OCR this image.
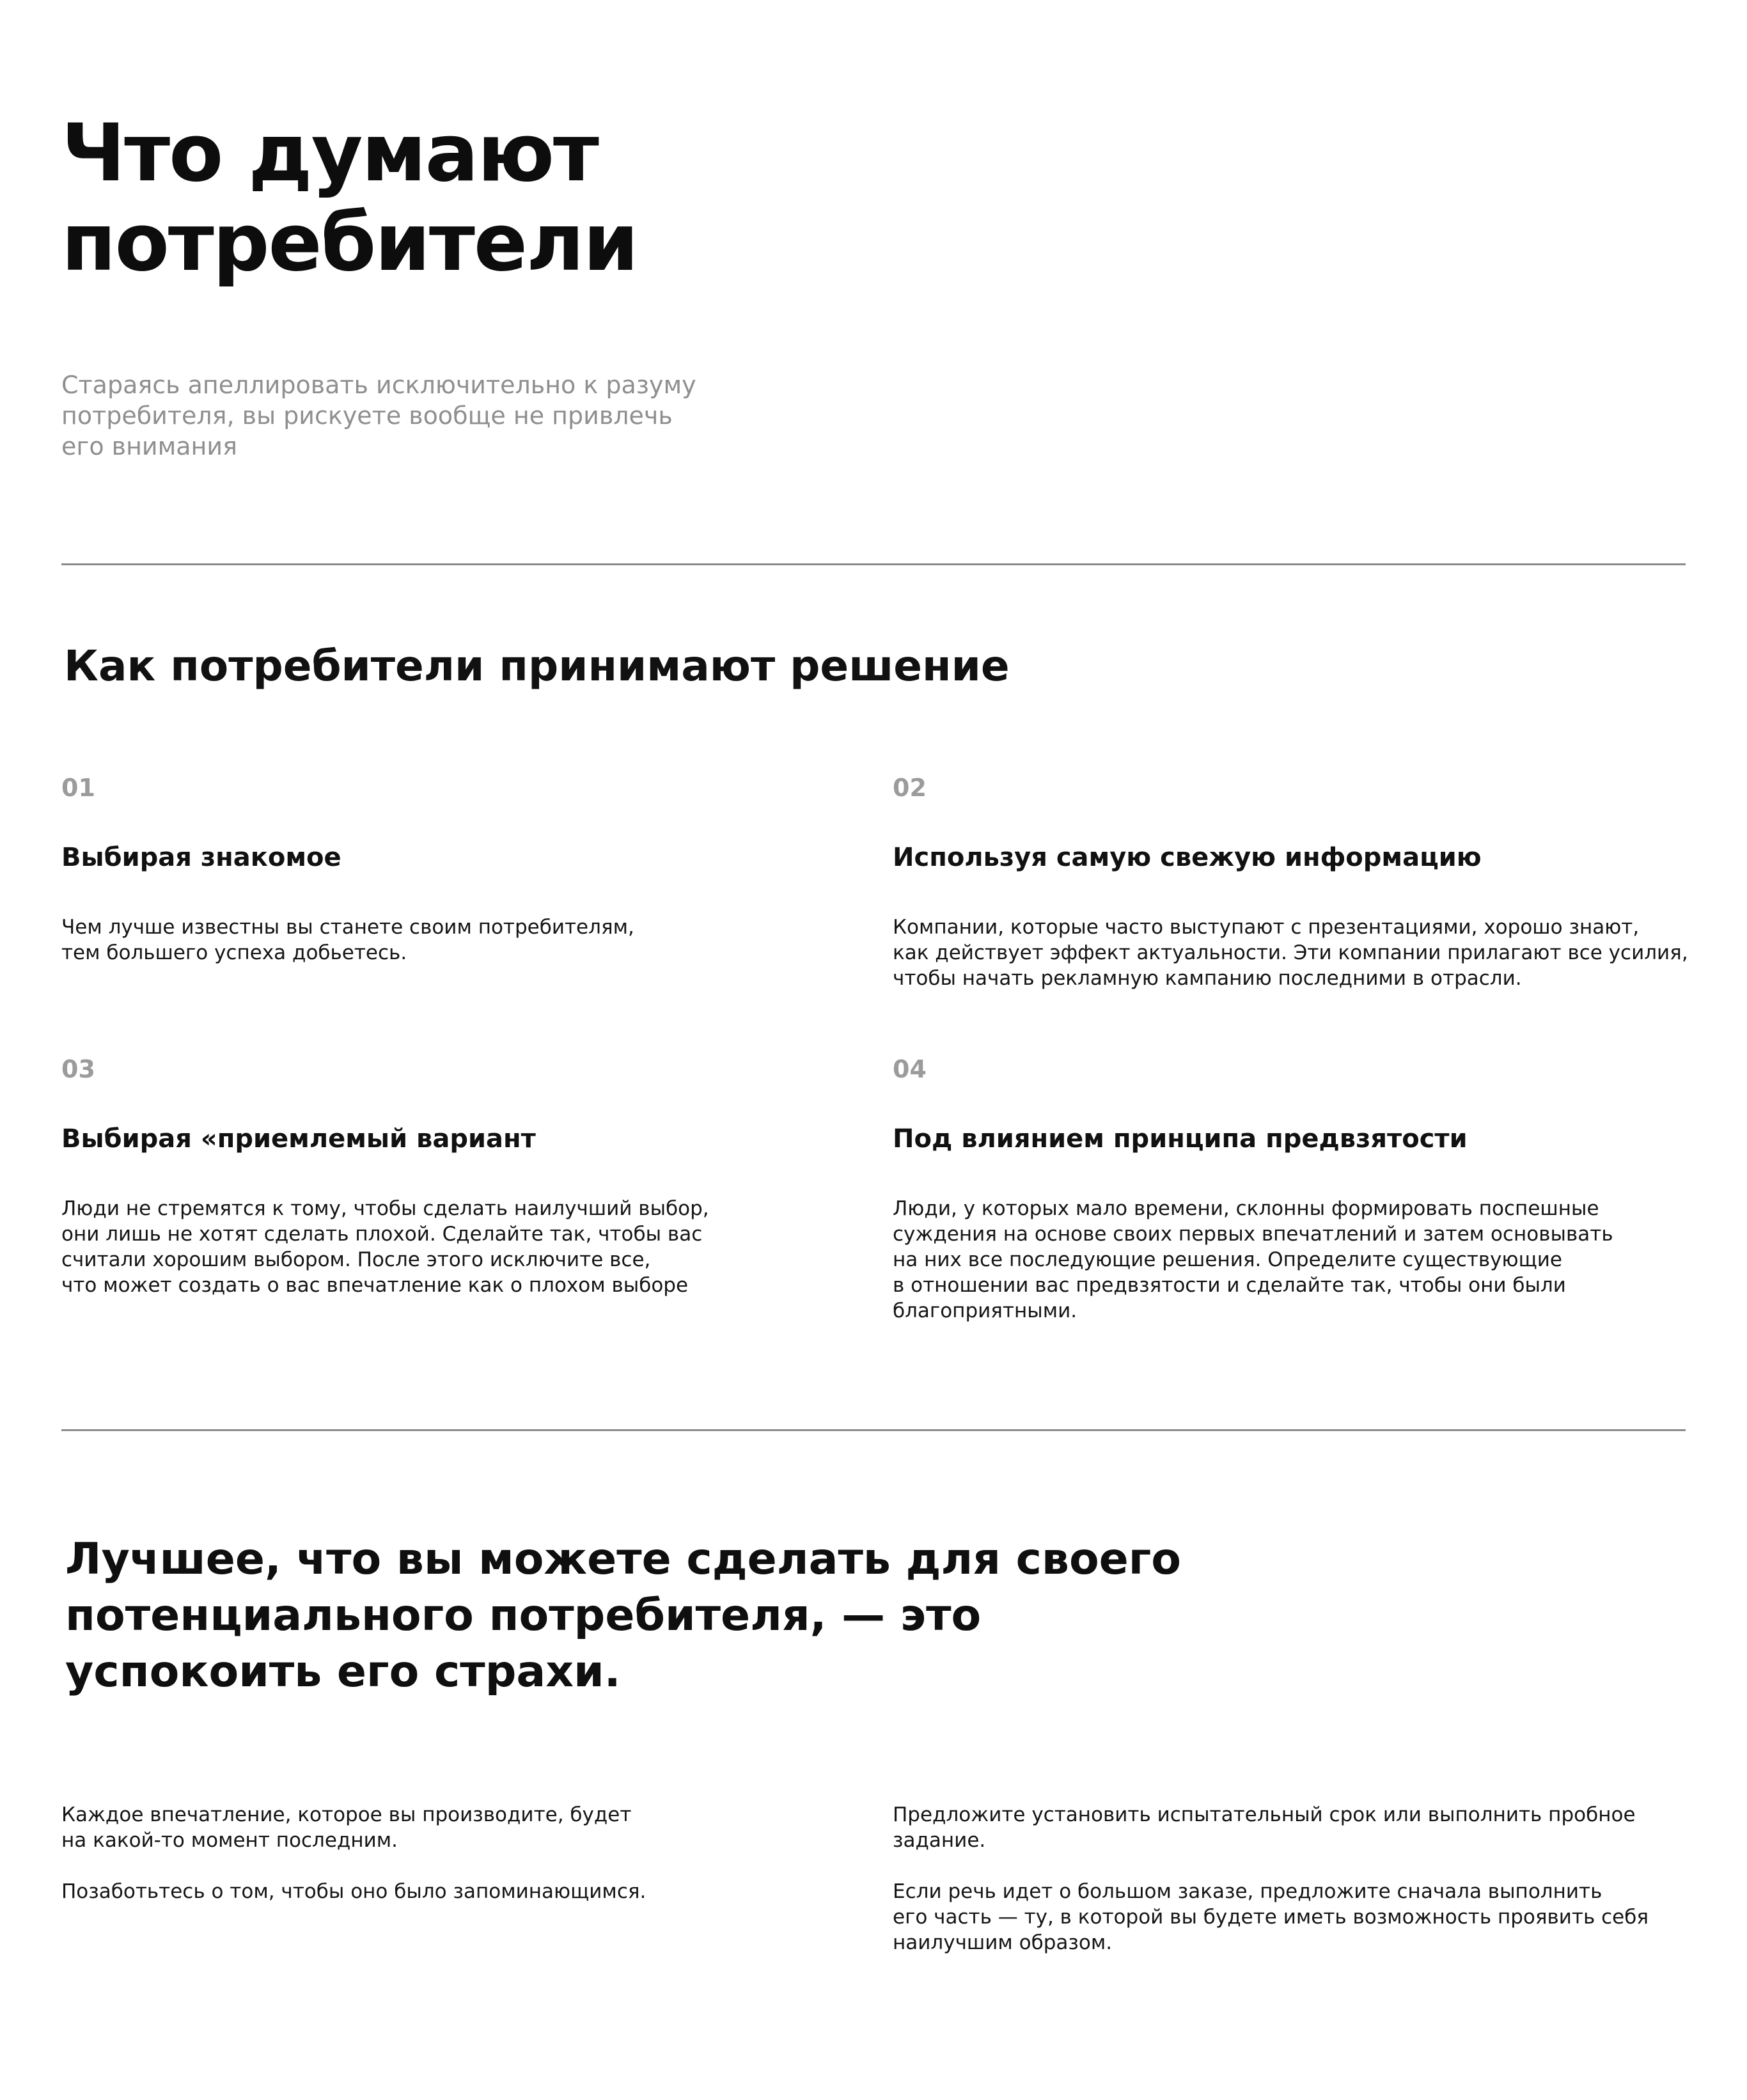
Что думают
потребители

Стараясь апеллировать исключительно к разуму
потребителя, вы рискуете вообще не привлечь
его внимания

Как потребители принимают решение
01
Выбирая знакомое
Чем лучше известны вы станете своим потребителям,
тем большего успеха добьетесь.
02
Используя самую свежую информацию
Компании, которые часто выступают с презентациями, хорошо знают,
как действует эффект актуальности. Эти компании прилагают все усилия,
чтобы начать рекламную кампанию последними в отрасли.
03
Выбирая «приемлемый вариант
Люди не стремятся к тому, чтобы сделать наилучший выбор,
они лишь не хотят сделать плохой. Сделайте так, чтобы вас
считали хорошим выбором. После этого исключите все,
что может создать о вас впечатление как о плохом выборе
04
Под влиянием принципа предвзятости
Люди, у которых мало времени, склонны формировать поспешные
суждения на основе своих первых впечатлений и затем основывать
на них все последующие решения. Определите существующие
в отношении вас предвзятости и сделайте так, чтобы они были
благоприятными.
Лучшее, что вы можете сделать для своего
потенциального потребителя, — это
успокоить его страхи.

Каждое впечатление, которое вы производите, будет
на какой-то момент последним.

Позаботьтесь о том, чтобы оно было запоминающимся.

Предложите установить испытательный срок или выполнить пробное
задание.

Если речь идет о большом заказе, предложите сначала выполнить
его часть — ту, в которой вы будете иметь возможность проявить себя
наилучшим образом.
